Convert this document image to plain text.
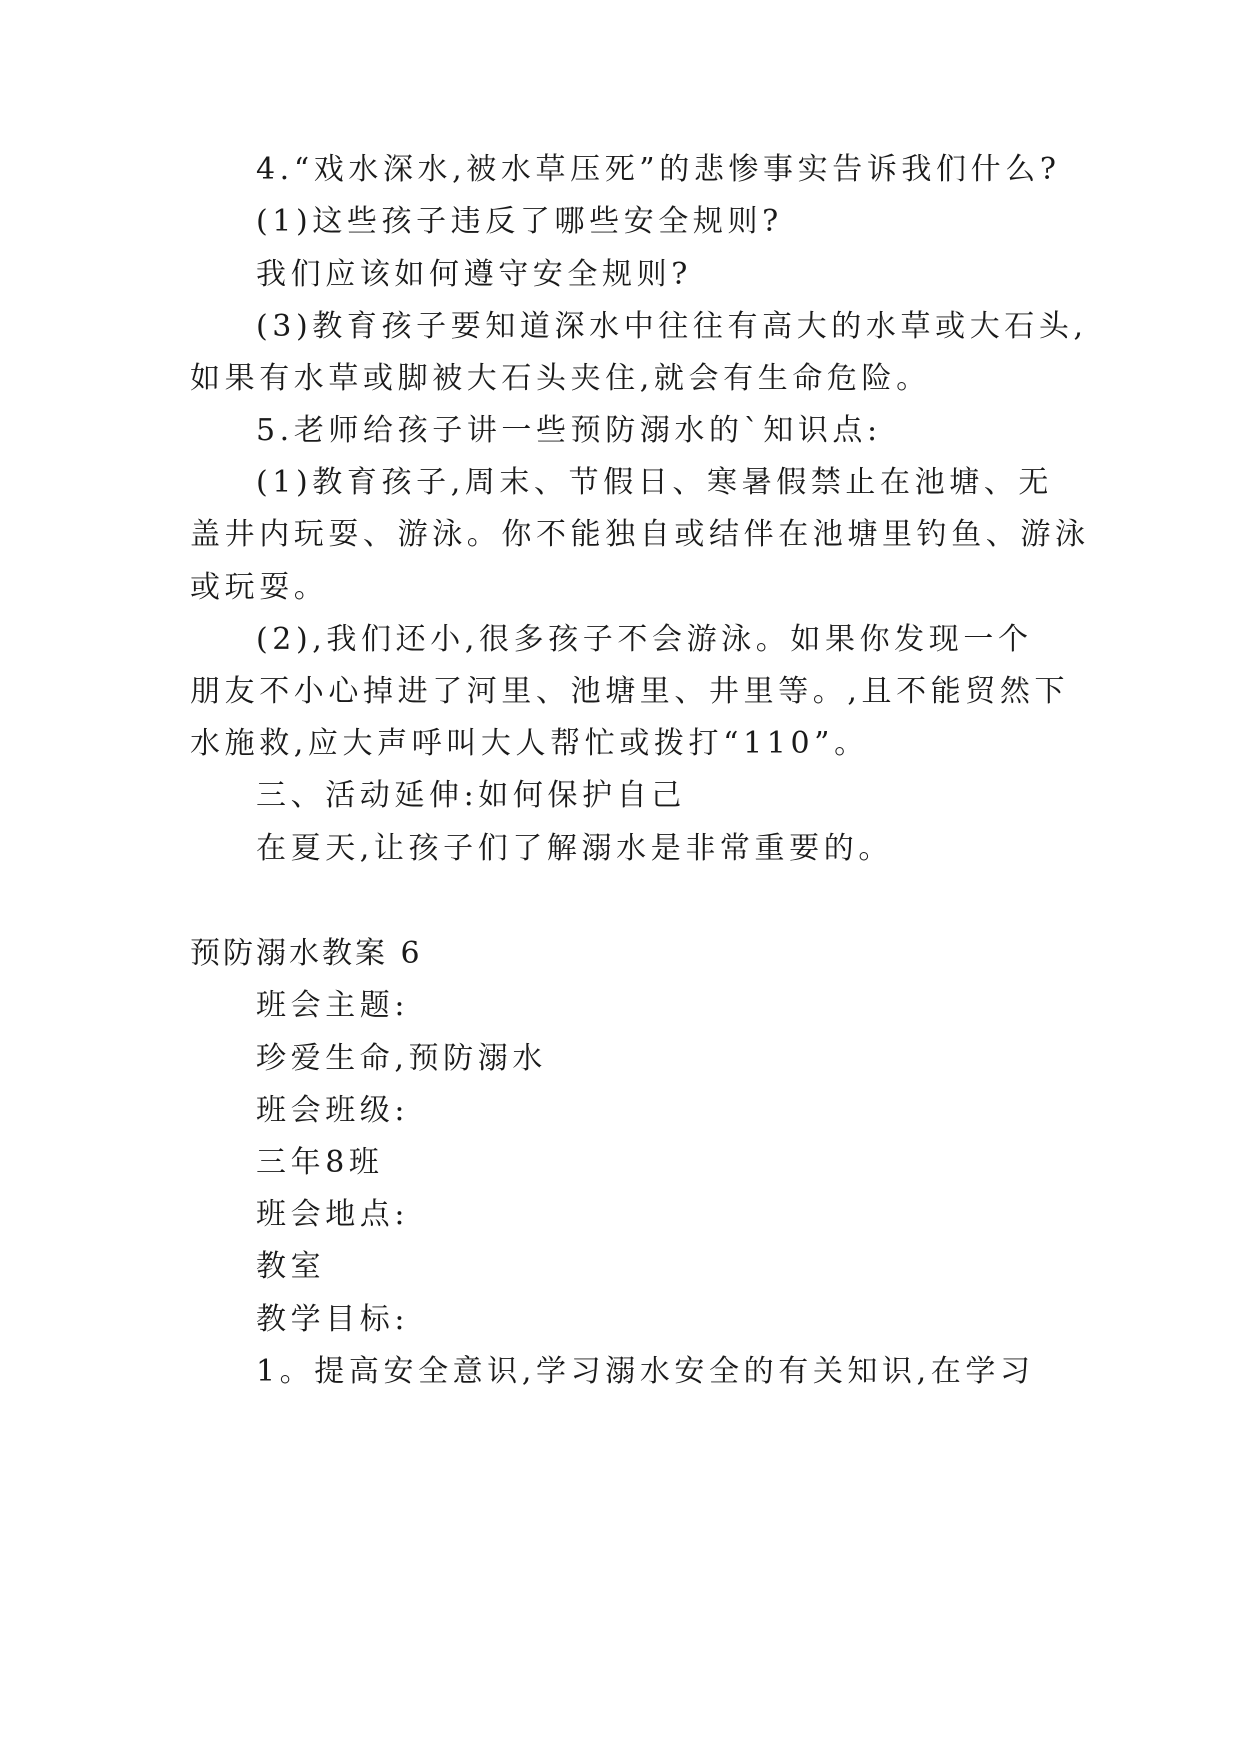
4.“戏水深水,被水草压死”的悲惨事实告诉我们什么?
(1)这些孩子违反了哪些安全规则?
我们应该如何遵守安全规则?
(3)教育孩子要知道深水中往往有高大的水草或大石头,
如果有水草或脚被大石头夹住,就会有生命危险。
5.老师给孩子讲一些预防溺水的`知识点:
(1)教育孩子,周末、节假日、寒暑假禁止在池塘、无
盖井内玩耍、游泳。你不能独自或结伴在池塘里钓鱼、游泳
或玩耍。
(2),我们还小,很多孩子不会游泳。如果你发现一个
朋友不小心掉进了河里、池塘里、井里等。,且不能贸然下
水施救,应大声呼叫大人帮忙或拨打“110”。
三、活动延伸:如何保护自己
在夏天,让孩子们了解溺水是非常重要的。
预防溺水教案 6
班会主题:
珍爱生命,预防溺水
班会班级:
三年8班
班会地点:
教室
教学目标:
1。提高安全意识,学习溺水安全的有关知识,在学习
